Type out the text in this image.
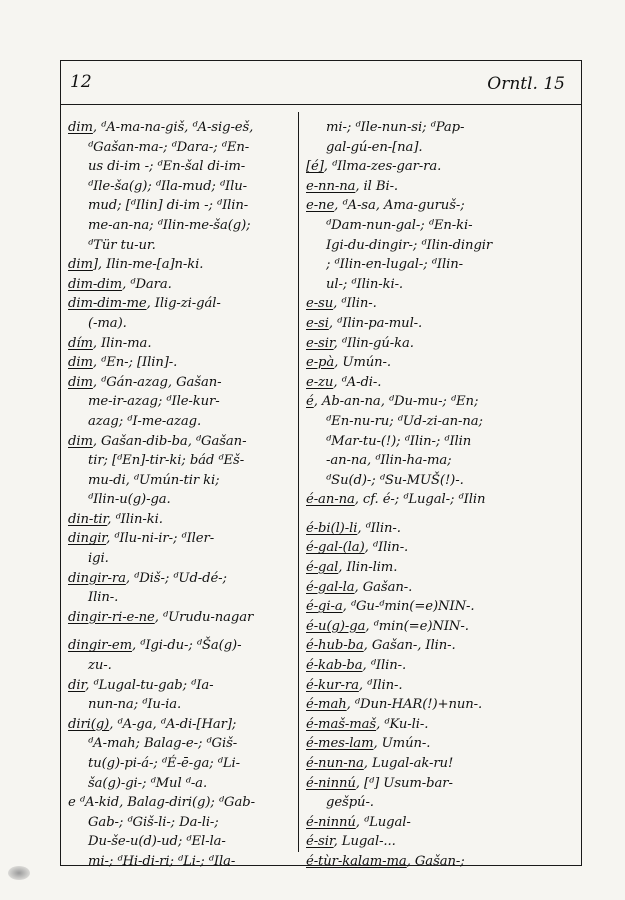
12	Orntl. 15
dim, ᵈA-ma-na-giš, ᵈA-sig-eš,
ᵈGašan-ma-; ᵈDara-; ᵈEn-
us di-im -; ᵈEn-šal di-im-
ᵈIle-ša(g); ᵈIla-mud; ᵈIlu-
mud; [ᵈIlin] di-im -; ᵈIlin-
me-an-na; ᵈIlin-me-ša(g);
ᵈTür tu-ur.
dim], Ilin-me-[a]n-ki.
dim-dim, ᵈDara.
dim-dim-me, Ilig-zi-gál-
(-ma).
dím, Ilin-ma.
dim, ᵈEn-; [Ilin]-.
dim, ᵈGán-azag, Gašan-
me-ir-azag; ᵈIle-kur-
azag; ᵈI-me-azag.
dim, Gašan-dib-ba, ᵈGašan-
tir; [ᵈEn]-tir-ki; bád ᵈEš-
mu-di, ᵈUmún-tir ki;
ᵈIlin-u(g)-ga.
din-tir, ᵈIlin-ki.
dingir, ᵈIlu-ni-ir-; ᵈIler-
igi.
dingir-ra, ᵈDiš-; ᵈUd-dé-;
Ilin-.
dingir-ri-e-ne, ᵈUrudu-nagar
dingir-em, ᵈIgi-du-; ᵈŠa(g)-
zu-.
dir, ᵈLugal-tu-gab; ᵈIa-
nun-na; ᵈIu-ia.
diri(g), ᵈA-ga, ᵈA-di-[Har];
ᵈA-mah; Balag-e-; ᵈGiš-
tu(g)-pi-á-; ᵈÉ-ē-ga; ᵈLi-
ša(g)-gi-; ᵈMul ᵈ-a.
e ᵈA-kid, Balag-diri(g); ᵈGab-
Gab-; ᵈGiš-li-; Da-li-;
Du-še-u(d)-ud; ᵈEl-la-
mi-; ᵈHi-di-ri; ᵈLi-; ᵈIla-
mi-; ᵈIle-nun-si; ᵈPap-
gal-gú-en-[na].
[é], ᵈIlma-zes-gar-ra.
e-nn-na, il Bi-.
e-ne, ᵈA-sa, Ama-guruš-;
ᵈDam-nun-gal-; ᵈEn-ki-
Igi-du-dingir-; ᵈIlin-dingir
; ᵈIlin-en-lugal-; ᵈIlin-
ul-; ᵈIlin-ki-.
e-su, ᵈIlin-.
e-si, ᵈIlin-pa-mul-.
e-sir, ᵈIlin-gú-ka.
e-pà, Umún-.
e-zu, ᵈA-di-.
é, Ab-an-na, ᵈDu-mu-; ᵈEn;
ᵈEn-nu-ru; ᵈUd-zi-an-na;
ᵈMar-tu-(!); ᵈIlin-; ᵈIlin
-an-na, ᵈIlin-ha-ma;
ᵈSu(d)-; ᵈSu-MUŠ(!)-.
é-an-na, cf. é-; ᵈLugal-; ᵈIlin
é-bi(l)-li, ᵈIlin-.
é-gal-(la), ᵈIlin-.
é-gal, Ilin-lim.
é-gal-la, Gašan-.
é-gi-a, ᵈGu-ᵈmin(=e)NIN-.
é-u(g)-ga, ᵈmin(=e)NIN-.
é-hub-ba, Gašan-, Ilin-.
é-kab-ba, ᵈIlin-.
é-kur-ra, ᵈIlin-.
é-mah, ᵈDun-HAR(!)+nun-.
é-maš-maš, ᵈKu-li-.
é-mes-lam, Umún-.
é-nun-na, Lugal-ak-ru!
é-ninnú, [ᵈ] Usum-bar-
gešpú-.
é-ninnú, ᵈLugal-
é-sir, Lugal-...
é-tùr-kalam-ma, Gašan-;
